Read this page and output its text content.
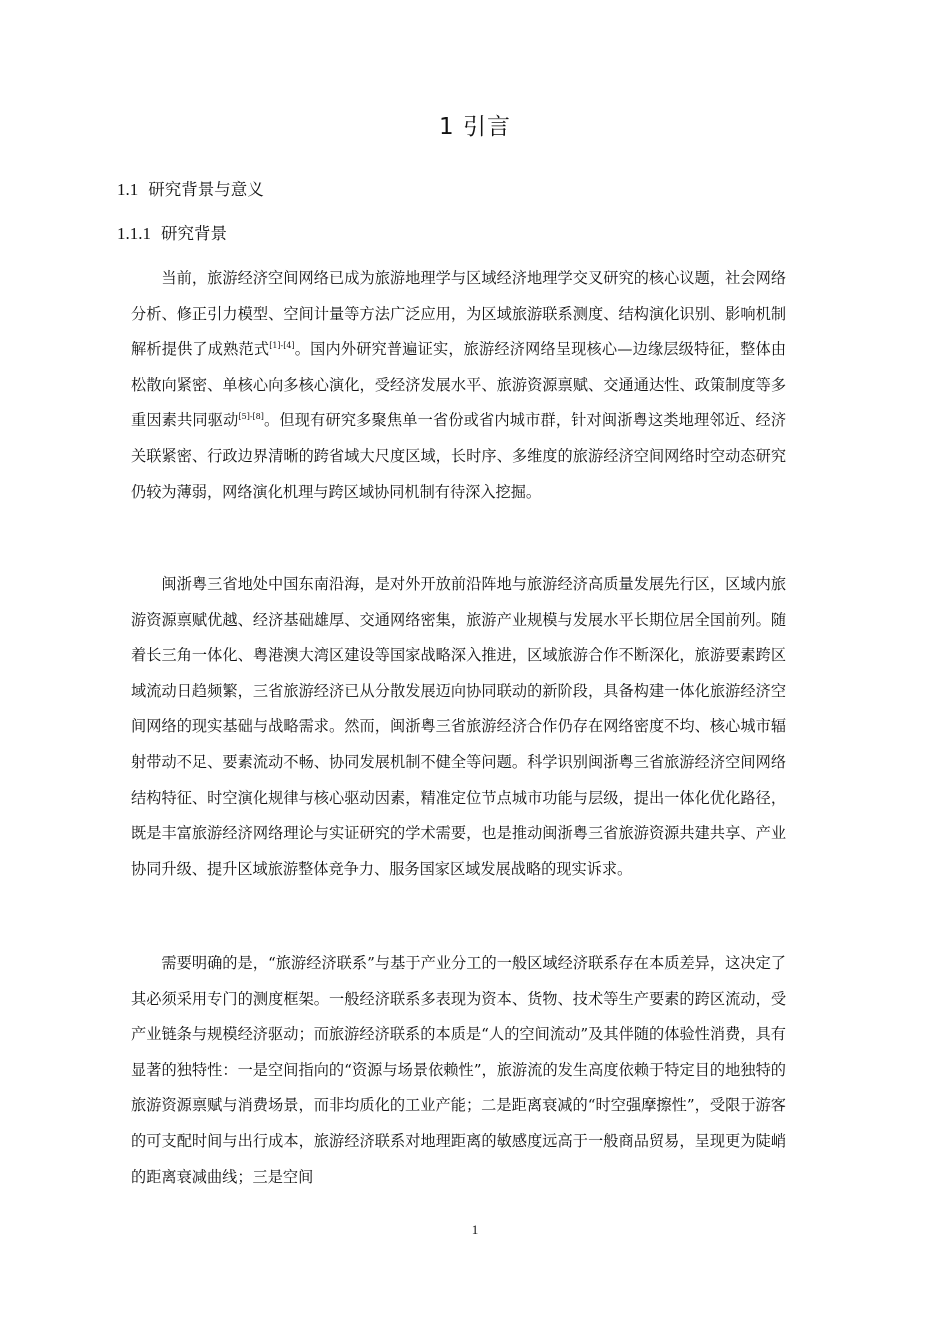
1 引言
1.1 研究背景与意义
1.1.1 研究背景
当前，旅游经济空间网络已成为旅游地理学与区域经济地理学交叉研究的核心议题，社会网络分析、修正引力模型、空间计量等方法广泛应用，为区域旅游联系测度、结构演化识别、影响机制解析提供了成熟范式[1]-[4]。国内外研究普遍证实，旅游经济网络呈现核心—边缘层级特征，整体由松散向紧密、单核心向多核心演化，受经济发展水平、旅游资源禀赋、交通通达性、政策制度等多重因素共同驱动[5]-[8]。但现有研究多聚焦单一省份或省内城市群，针对闽浙粤这类地理邻近、经济关联紧密、行政边界清晰的跨省域大尺度区域，长时序、多维度的旅游经济空间网络时空动态研究仍较为薄弱，网络演化机理与跨区域协同机制有待深入挖掘。
闽浙粤三省地处中国东南沿海，是对外开放前沿阵地与旅游经济高质量发展先行区，区域内旅游资源禀赋优越、经济基础雄厚、交通网络密集，旅游产业规模与发展水平长期位居全国前列。随着长三角一体化、粤港澳大湾区建设等国家战略深入推进，区域旅游合作不断深化，旅游要素跨区域流动日趋频繁，三省旅游经济已从分散发展迈向协同联动的新阶段，具备构建一体化旅游经济空间网络的现实基础与战略需求。然而，闽浙粤三省旅游经济合作仍存在网络密度不均、核心城市辐射带动不足、要素流动不畅、协同发展机制不健全等问题。科学识别闽浙粤三省旅游经济空间网络结构特征、时空演化规律与核心驱动因素，精准定位节点城市功能与层级，提出一体化优化路径，既是丰富旅游经济网络理论与实证研究的学术需要，也是推动闽浙粤三省旅游资源共建共享、产业协同升级、提升区域旅游整体竞争力、服务国家区域发展战略的现实诉求。
需要明确的是，“旅游经济联系”与基于产业分工的一般区域经济联系存在本质差异，这决定了其必须采用专门的测度框架。一般经济联系多表现为资本、货物、技术等生产要素的跨区流动，受产业链条与规模经济驱动；而旅游经济联系的本质是“人的空间流动”及其伴随的体验性消费，具有显著的独特性：一是空间指向的“资源与场景依赖性”，旅游流的发生高度依赖于特定目的地独特的旅游资源禀赋与消费场景，而非均质化的工业产能；二是距离衰减的“时空强摩擦性”，受限于游客的可支配时间与出行成本，旅游经济联系对地理距离的敏感度远高于一般商品贸易，呈现更为陡峭的距离衰减曲线；三是空间
1
